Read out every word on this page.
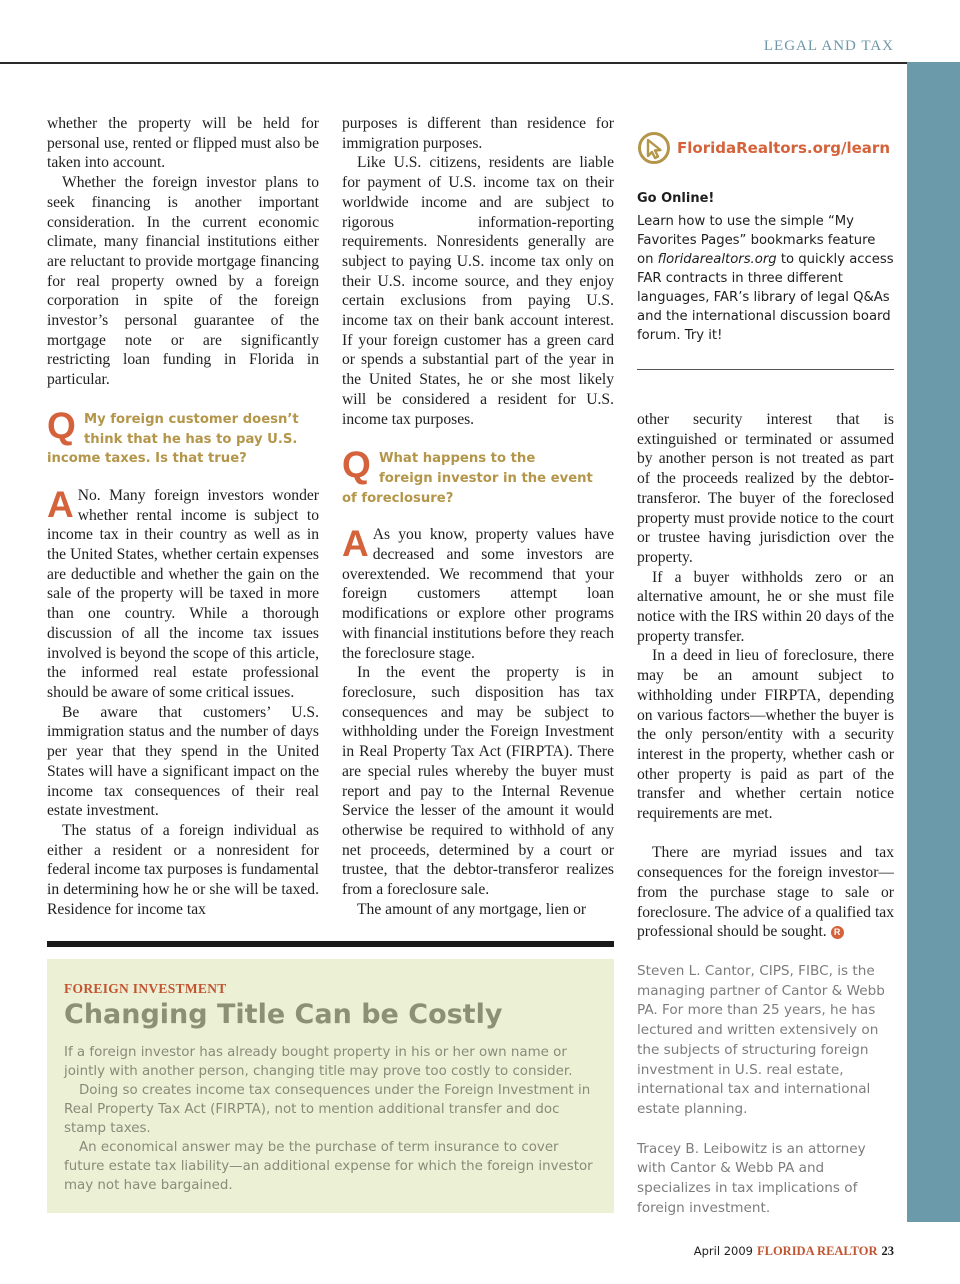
LEGAL AND TAX

whether the property will be held for personal use, rented or flipped must also be taken into account.

Whether the foreign investor plans to seek financing is another important consideration. In the current economic climate, many financial institutions either are reluctant to provide mortgage financing for real property owned by a foreign corporation in spite of the foreign investor’s personal guarantee of the mortgage note or are significantly restricting loan funding in Florida in particular.

Q My foreign customer doesn’t
think that he has to pay U.S.
income taxes. Is that true?

A No. Many foreign investors wonder whether rental income is subject to income tax in their country as well as in the United States, whether certain expenses are deductible and whether the gain on the sale of the property will be taxed in more than one country. While a thorough discussion of all the income tax issues involved is beyond the scope of this article, the informed real estate professional should be aware of some critical issues.

Be aware that customers’ U.S. immigration status and the number of days per year that they spend in the United States will have a significant impact on the income tax consequences of their real estate investment.

The status of a foreign individual as either a resident or a nonresident for federal income tax purposes is fundamental in determining how he or she will be taxed. Residence for income tax

purposes is different than residence for immigration purposes.

Like U.S. citizens, residents are liable for payment of U.S. income tax on their worldwide income and are subject to rigorous information-reporting requirements. Nonresidents generally are subject to paying U.S. income tax only on their U.S. income source, and they enjoy certain exclusions from paying U.S. income tax on their bank account interest. If your foreign customer has a green card or spends a substantial part of the year in the United States, he or she most likely will be considered a resident for U.S. income tax purposes.

Q What happens to the
foreign investor in the event
of foreclosure?

A As you know, property values have decreased and some investors are overextended. We recommend that your foreign customers attempt loan modifications or explore other programs with financial institutions before they reach the foreclosure stage.

In the event the property is in foreclosure, such disposition has tax consequences and may be subject to withholding under the Foreign Investment in Real Property Tax Act (FIRPTA). There are special rules whereby the buyer must report and pay to the Internal Revenue Service the lesser of the amount it would otherwise be required to withhold of any net proceeds, determined by a court or trustee, that the debtor-transferor realizes from a foreclosure sale.

The amount of any mortgage, lien or

FloridaRealtors.org/learn
Go Online!
Learn how to use the simple “My Favorites Pages” bookmarks feature on floridarealtors.org to quickly access FAR contracts in three different languages, FAR’s library of legal Q&As and the international discussion board forum. Try it!

other security interest that is extinguished or terminated or assumed by another person is not treated as part of the proceeds realized by the debtor-transferor. The buyer of the foreclosed property must provide notice to the court or trustee having jurisdiction over the property.

If a buyer withholds zero or an alternative amount, he or she must file notice with the IRS within 20 days of the property transfer.

In a deed in lieu of foreclosure, there may be an amount subject to withholding under FIRPTA, depending on various factors—whether the buyer is the only person/entity with a security interest in the property, whether cash or other property is paid as part of the transfer and whether certain notice requirements are met.

There are myriad issues and tax consequences for the foreign investor—from the purchase stage to sale or foreclosure. The advice of a qualified tax professional should be sought. R

FOREIGN INVESTMENT
Changing Title Can be Costly

If a foreign investor has already bought property in his or her own name or jointly with another person, changing title may prove too costly to consider.

Doing so creates income tax consequences under the Foreign Investment in Real Property Tax Act (FIRPTA), not to mention additional transfer and doc stamp taxes.

An economical answer may be the purchase of term insurance to cover future estate tax liability—an additional expense for which the foreign investor may not have bargained.

Steven L. Cantor, CIPS, FIBC, is the managing partner of Cantor & Webb PA. For more than 25 years, he has lectured and written extensively on the subjects of structuring foreign investment in U.S. real estate, international tax and international estate planning.

Tracey B. Leibowitz is an attorney with Cantor & Webb PA and specializes in tax implications of foreign investment.

April 2009 FLORIDA REALTOR 23
